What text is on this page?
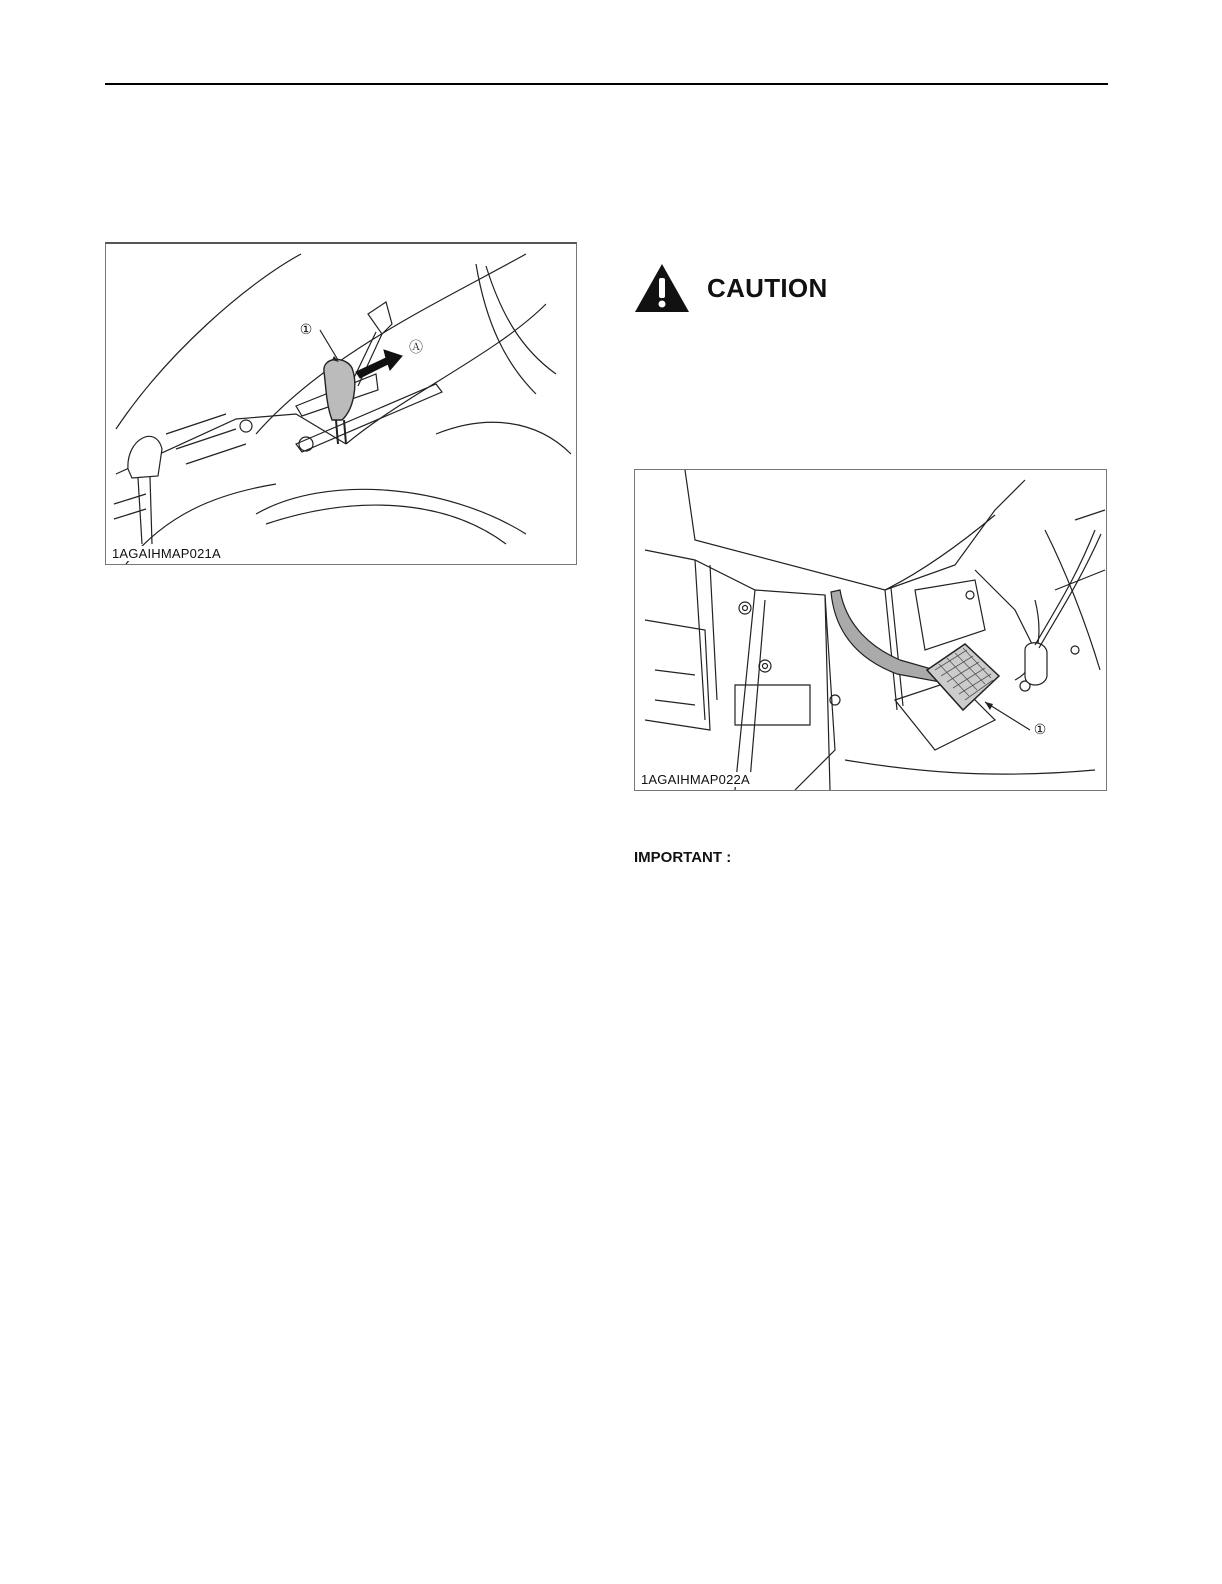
①
Ⓐ
1AGAIHMAP021A
CAUTION
①
1AGAIHMAP022A
IMPORTANT :
